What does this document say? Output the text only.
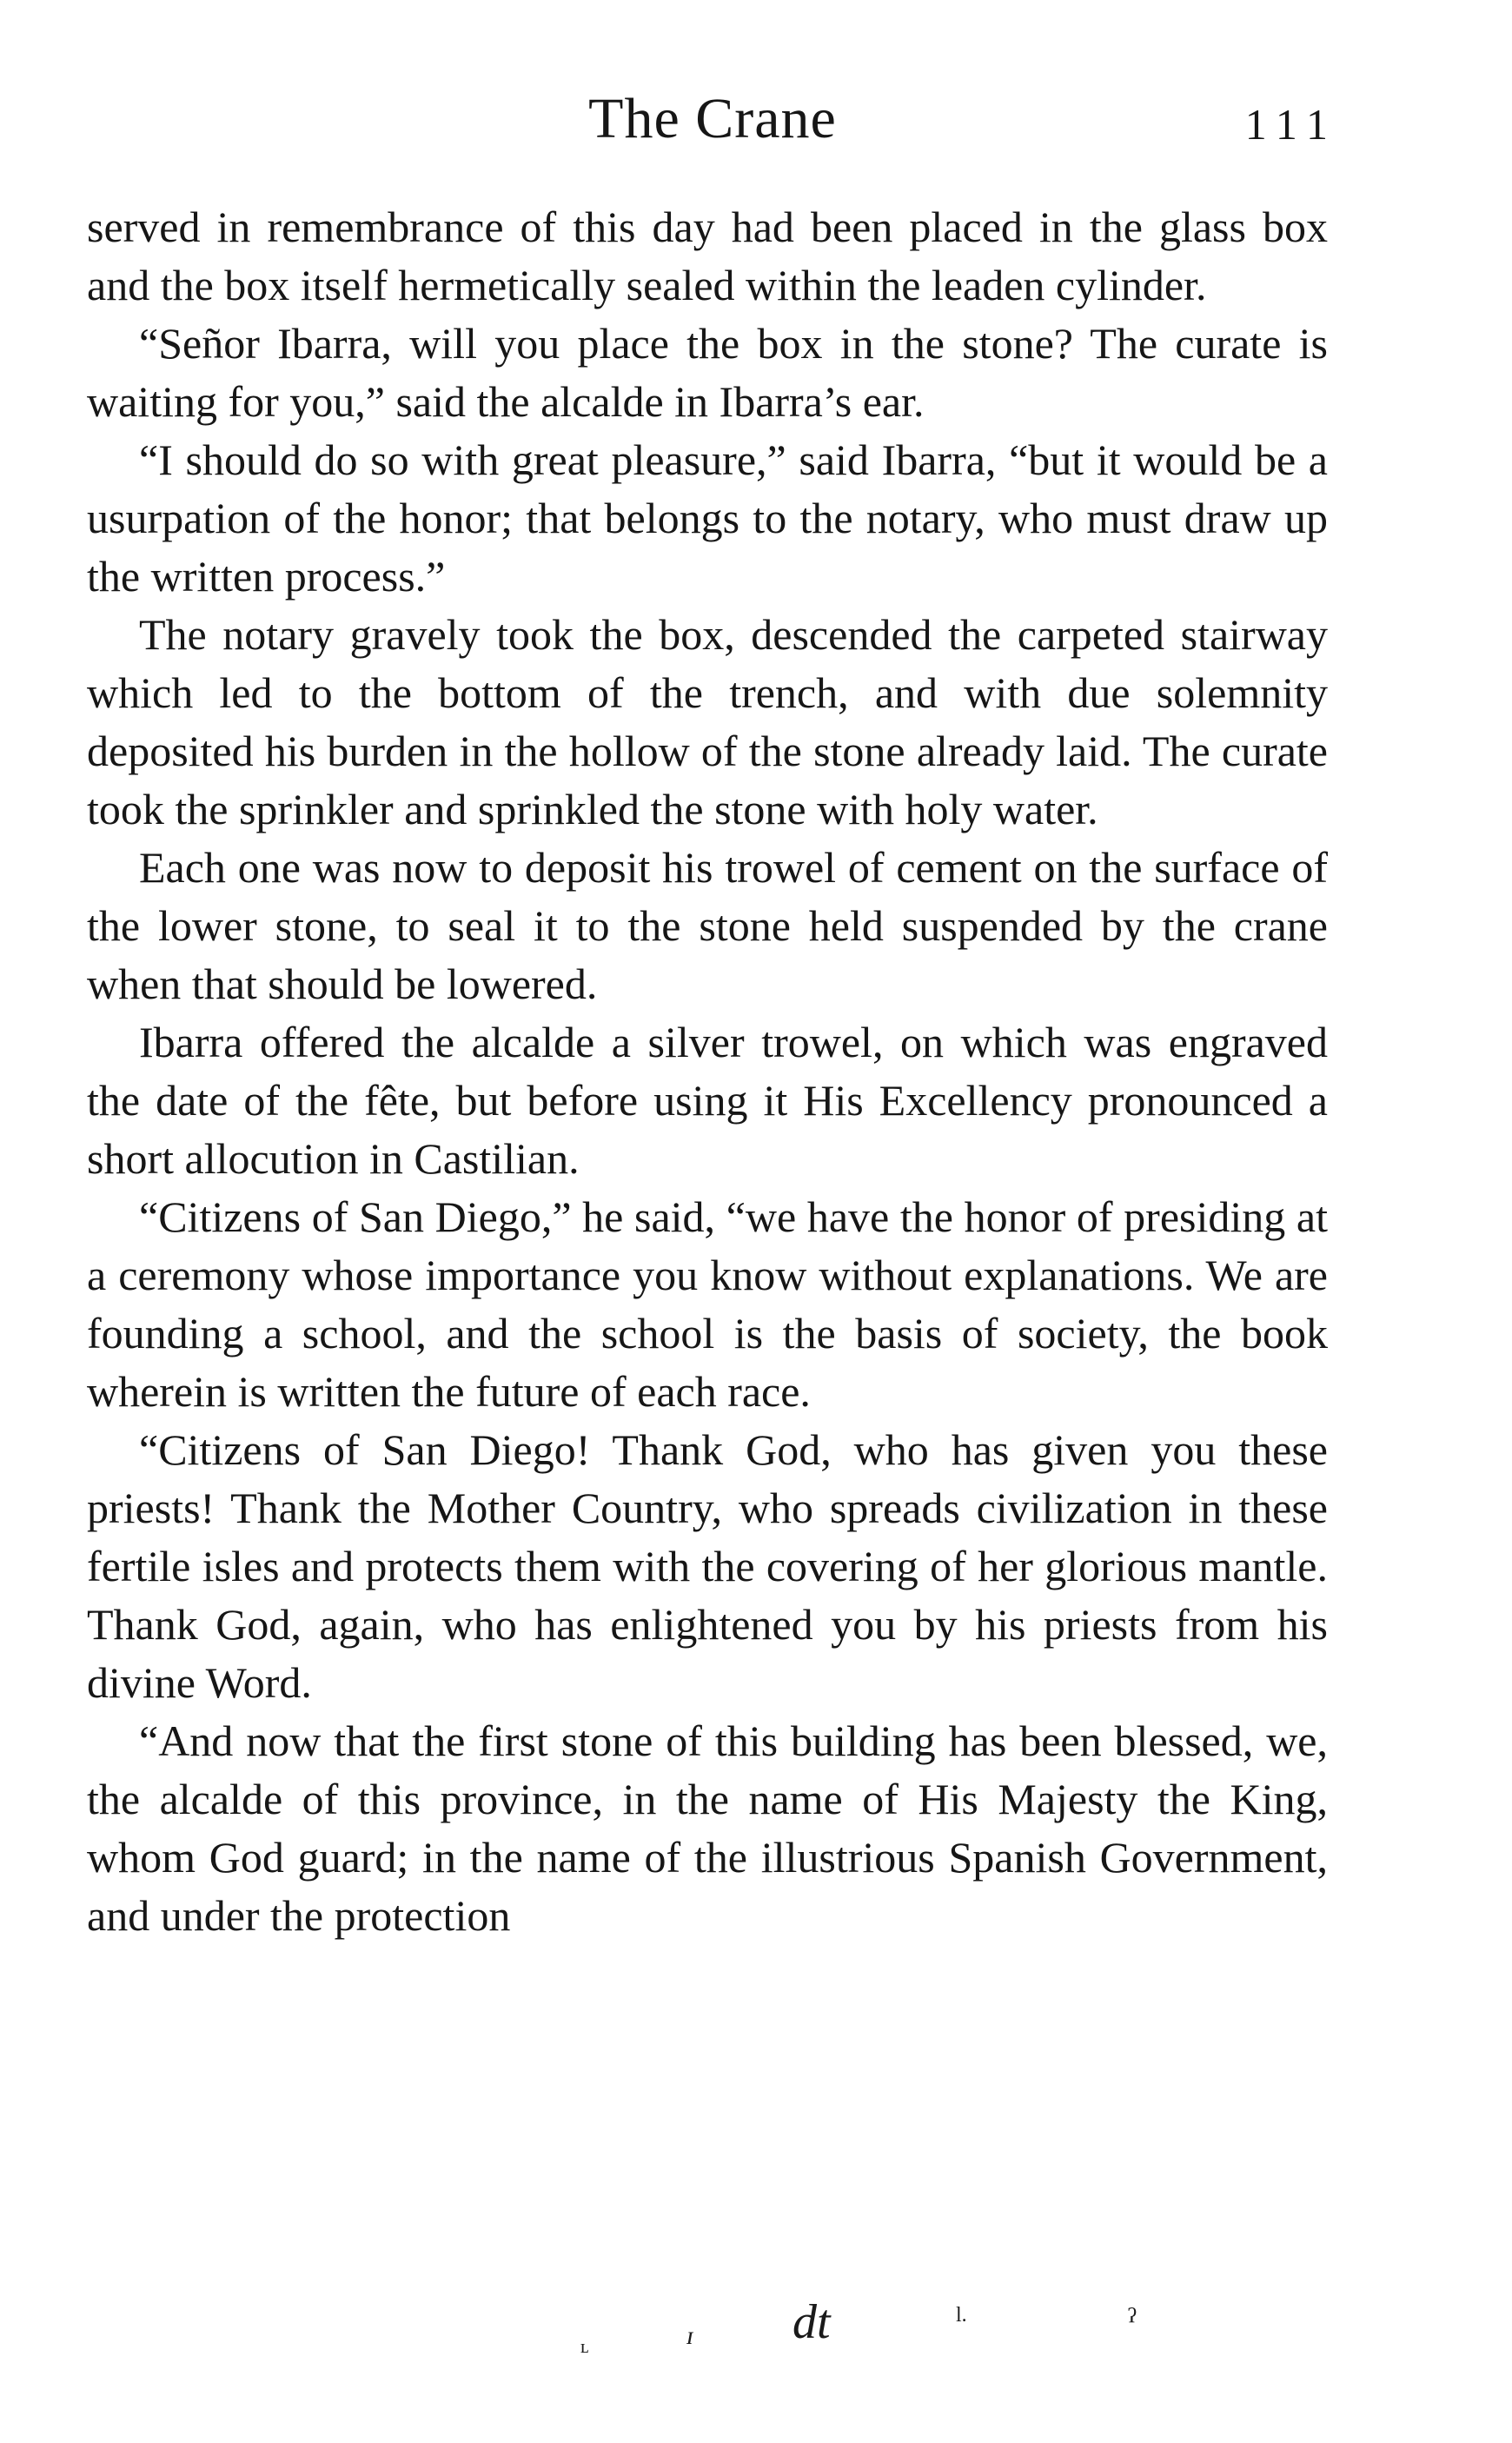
The Crane	111

served in remembrance of this day had been placed in the glass box and the box itself hermetically sealed within the leaden cylinder.

“Señor Ibarra, will you place the box in the stone? The curate is waiting for you,” said the alcalde in Ibarra’s ear.

“I should do so with great pleasure,” said Ibarra, “but it would be a usurpation of the honor; that belongs to the notary, who must draw up the written process.”

The notary gravely took the box, descended the carpeted stairway which led to the bottom of the trench, and with due solemnity deposited his burden in the hollow of the stone already laid. The curate took the sprinkler and sprinkled the stone with holy water.

Each one was now to deposit his trowel of cement on the surface of the lower stone, to seal it to the stone held suspended by the crane when that should be lowered.

Ibarra offered the alcalde a silver trowel, on which was engraved the date of the fête, but before using it His Excellency pronounced a short allocution in Castilian.

“Citizens of San Diego,” he said, “we have the honor of presiding at a ceremony whose importance you know without explanations. We are founding a school, and the school is the basis of society, the book wherein is written the future of each race.

“Citizens of San Diego! Thank God, who has given you these priests! Thank the Mother Country, who spreads civilization in these fertile isles and protects them with the covering of her glorious mantle. Thank God, again, who has enlightened you by his priests from his divine Word.

“And now that the first stone of this building has been blessed, we, the alcalde of this province, in the name of His Majesty the King, whom God guard; in the name of the illustrious Spanish Government, and under the protection

ʟ	ɪ dt	l.	ˀ
